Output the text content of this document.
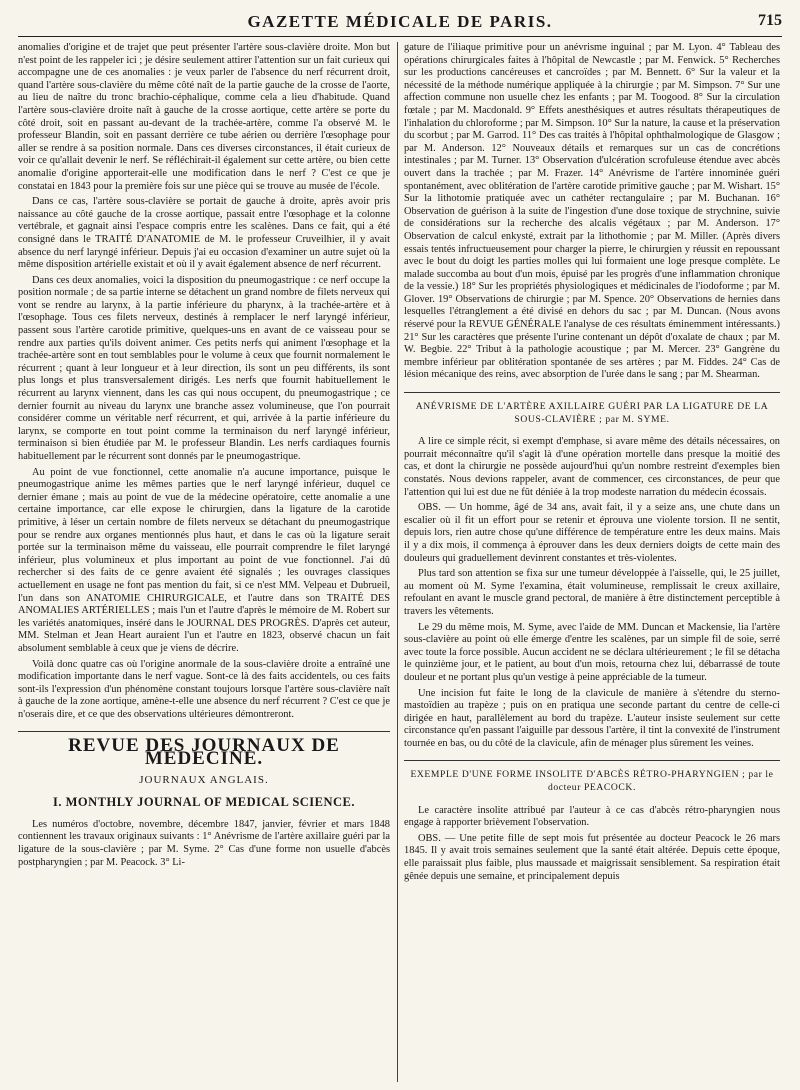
GAZETTE MÉDICALE DE PARIS.	715

anomalies d'origine et de trajet que peut présenter l'artère sous-clavière droite. Mon but n'est point de les rappeler ici ; je désire seulement attirer l'attention sur un fait curieux qui accompagne une de ces anomalies : je veux parler de l'absence du nerf récurrent droit, quand l'artère sous-clavière du même côté naît de la partie gauche de la crosse de l'aorte, au lieu de naître du tronc brachio-céphalique, comme cela a lieu d'habitude. Quand l'artère sous-clavière droite naît à gauche de la crosse aortique, cette artère se porte du côté droit, soit en passant au-devant de la trachée-artère, comme l'a observé M. le professeur Blandin, soit en passant derrière ce tube aérien ou derrière l'œsophage pour aller se rendre à sa position normale. Dans ces diverses circonstances, il était curieux de voir ce qu'allait devenir le nerf. Se réfléchirait-il également sur cette artère, ou bien cette anomalie d'origine apporterait-elle une modification dans le nerf ? C'est ce que je constatai en 1843 pour la première fois sur une pièce qui se trouve au musée de l'école.

Dans ce cas, l'artère sous-clavière se portait de gauche à droite, après avoir pris naissance au côté gauche de la crosse aortique, passait entre l'œsophage et la colonne vertébrale, et gagnait ainsi l'espace compris entre les scalènes. Dans ce fait, qui a été consigné dans le TRAITÉ D'ANATOMIE de M. le professeur Cruveilhier, il y avait absence du nerf laryngé inférieur. Depuis j'ai eu occasion d'examiner un autre sujet où la même disposition artérielle existait et où il y avait également absence de nerf récurrent.

Dans ces deux anomalies, voici la disposition du pneumogastrique : ce nerf occupe la position normale ; de sa partie interne se détachent un grand nombre de filets nerveux qui vont se rendre au larynx, à la partie inférieure du pharynx, à la trachée-artère et à l'œsophage. Tous ces filets nerveux, destinés à remplacer le nerf laryngé inférieur, passent sous l'artère carotide primitive, quelques-uns en avant de ce vaisseau pour se rendre aux parties qu'ils doivent animer. Ces petits nerfs qui animent l'œsophage et la trachée-artère sont en tout semblables pour le volume à ceux que fournit normalement le récurrent ; quant à leur longueur et à leur direction, ils sont un peu différents, ils sont plus longs et plus transversalement dirigés. Les nerfs que fournit habituellement le récurrent au larynx viennent, dans les cas qui nous occupent, du pneumogastrique ; ce dernier fournit au niveau du larynx une branche assez volumineuse, que l'on pourrait considérer comme un véritable nerf récurrent, et qui, arrivée à la partie inférieure du larynx, se comporte en tout point comme la terminaison du nerf laryngé inférieur, terminaison si bien étudiée par M. le professeur Blandin. Les nerfs cardiaques fournis habituellement par le récurrent sont donnés par le pneumogastrique.

Au point de vue fonctionnel, cette anomalie n'a aucune importance, puisque le pneumogastrique anime les mêmes parties que le nerf laryngé inférieur, duquel ce dernier émane ; mais au point de vue de la médecine opératoire, cette anomalie a une certaine importance, car elle expose le chirurgien, dans la ligature de la carotide primitive, à léser un certain nombre de filets nerveux se détachant du pneumogastrique pour se rendre aux organes mentionnés plus haut, et dans le cas où la ligature serait portée sur la terminaison même du vaisseau, elle pourrait comprendre le filet laryngé inférieur, plus volumineux et plus important au point de vue fonctionnel. J'ai dû rechercher si des faits de ce genre avaient été signalés ; les ouvrages classiques actuellement en usage ne font pas mention du fait, si ce n'est MM. Velpeau et Dubrueil, l'un dans son ANATOMIE CHIRURGICALE, et l'autre dans son TRAITÉ DES ANOMALIES ARTÉRIELLES ; mais l'un et l'autre d'après le mémoire de M. Robert sur les variétés anatomiques, inséré dans le JOURNAL DES PROGRÈS. D'après cet auteur, MM. Stelman et Jean Heart auraient l'un et l'autre en 1823, observé chacun un fait absolument semblable à ceux que je viens de décrire.

Voilà donc quatre cas où l'origine anormale de la sous-clavière droite a entraîné une modification importante dans le nerf vague. Sont-ce là des faits accidentels, ou ces faits sont-ils l'expression d'un phénomène constant toujours lorsque l'artère sous-clavière naît à gauche de la zone aortique, amène-t-elle une absence du nerf récurrent ? C'est ce que je n'oserais dire, et ce que des observations ultérieures démontreront.

REVUE DES JOURNAUX DE MÉDECINE.
JOURNAUX ANGLAIS.
I. MONTHLY JOURNAL OF MEDICAL SCIENCE.

Les numéros d'octobre, novembre, décembre 1847, janvier, février et mars 1848 contiennent les travaux originaux suivants : 1° Anévrisme de l'artère axillaire guéri par la ligature de la sous-clavière ; par M. Syme. 2° Cas d'une forme non usuelle d'abcès postpharyngien ; par M. Peacock. 3° Li-

gature de l'iliaque primitive pour un anévrisme inguinal ; par M. Lyon. 4° Tableau des opérations chirurgicales faites à l'hôpital de Newcastle ; par M. Fenwick. 5° Recherches sur les productions cancéreuses et cancroïdes ; par M. Bennett. 6° Sur la valeur et la nécessité de la méthode numérique appliquée à la chirurgie ; par M. Simpson. 7° Sur une affection commune non usuelle chez les enfants ; par M. Toogood. 8° Sur la circulation fœtale ; par M. Macdonald. 9° Effets anesthésiques et autres résultats thérapeutiques de l'inhalation du chloroforme ; par M. Simpson. 10° Sur la nature, la cause et la préservation du scorbut ; par M. Garrod. 11° Des cas traités à l'hôpital ophthalmologique de Glasgow ; par M. Anderson. 12° Nouveaux détails et remarques sur un cas de concrétions intestinales ; par M. Turner. 13° Observation d'ulcération scrofuleuse étendue avec abcès ouvert dans la trachée ; par M. Frazer. 14° Anévrisme de l'artère innominée guéri spontanément, avec oblitération de l'artère carotide primitive gauche ; par M. Wishart. 15° Sur la lithotomie pratiquée avec un cathéter rectangulaire ; par M. Buchanan. 16° Observation de guérison à la suite de l'ingestion d'une dose toxique de strychnine, suivie de considérations sur la recherche des alcalis végétaux ; par M. Anderson. 17° Observation de calcul enkysté, extrait par la lithothomie ; par M. Miller. (Après divers essais tentés infructueusement pour charger la pierre, le chirurgien y réussit en repoussant avec le bout du doigt les parties molles qui lui formaient une loge presque complète. Le malade succomba au bout d'un mois, épuisé par les progrès d'une inflammation chronique de la vessie.) 18° Sur les propriétés physiologiques et médicinales de l'iodoforme ; par M. Glover. 19° Observations de chirurgie ; par M. Spence. 20° Observations de hernies dans lesquelles l'étranglement a été divisé en dehors du sac ; par M. Duncan. (Nous avons réservé pour la REVUE GÉNÉRALE l'analyse de ces résultats éminemment intéressants.) 21° Sur les caractères que présente l'urine contenant un dépôt d'oxalate de chaux ; par M. W. Begbie. 22° Tribut à la pathologie acoustique ; par M. Mercer. 23° Gangrène du membre inférieur par oblitération spontanée de ses artères ; par M. Fiddes. 24° Cas de lésion mécanique des reins, avec absorption de l'urée dans le sang ; par M. Shearman.

ANÉVRISME DE L'ARTÈRE AXILLAIRE GUÉRI PAR LA LIGATURE DE LA SOUS-CLAVIÈRE ; par M. SYME.

A lire ce simple récit, si exempt d'emphase, si avare même des détails nécessaires, on pourrait méconnaître qu'il s'agit là d'une opération mortelle dans presque la moitié des cas, et dont la chirurgie ne possède aujourd'hui qu'un nombre restreint d'exemples bien constatés. Nous devions rappeler, avant de commencer, ces circonstances, de peur que l'attention qui lui est due ne fût déniée à la trop modeste narration du médecin écossais.

OBS. — Un homme, âgé de 34 ans, avait fait, il y a seize ans, une chute dans un escalier où il fit un effort pour se retenir et éprouva une violente torsion. Il ne sentit, depuis lors, rien autre chose qu'une différence de température entre les deux mains. Mais il y a dix mois, il commença à éprouver dans les deux derniers doigts de cette main des douleurs qui graduellement devinrent constantes et très-violentes.

Plus tard son attention se fixa sur une tumeur développée à l'aisselle, qui, le 25 juillet, au moment où M. Syme l'examina, était volumineuse, remplissait le creux axillaire, refoulant en avant le muscle grand pectoral, de manière à être distinctement perceptible à travers les vêtements.

Le 29 du même mois, M. Syme, avec l'aide de MM. Duncan et Mackensie, lia l'artère sous-clavière au point où elle émerge d'entre les scalènes, par un simple fil de soie, serré avec toute la force possible. Aucun accident ne se déclara ultérieurement ; le fil se détacha le quinzième jour, et le patient, au bout d'un mois, retourna chez lui, débarrassé de toute douleur et ne portant plus qu'un vestige à peine appréciable de la tumeur.

Une incision fut faite le long de la clavicule de manière à s'étendre du sterno-mastoïdien au trapèze ; puis on en pratiqua une seconde partant du centre de celle-ci dirigée en haut, parallèlement au bord du trapèze. L'auteur insiste seulement sur cette circonstance qu'en passant l'aiguille par dessous l'artère, il tint la convexité de l'instrument tournée en bas, ou du côté de la clavicule, afin de ménager plus sûrement les veines.

EXEMPLE D'UNE FORME INSOLITE D'ABCÈS RÉTRO-PHARYNGIEN ; par le docteur PEACOCK.

Le caractère insolite attribué par l'auteur à ce cas d'abcès rétro-pharyngien nous engage à rapporter brièvement l'observation.

OBS. — Une petite fille de sept mois fut présentée au docteur Peacock le 26 mars 1845. Il y avait trois semaines seulement que la santé était altérée. Depuis cette époque, elle paraissait plus faible, plus maussade et maigrissait sensiblement. Sa respiration était gênée depuis une semaine, et principalement depuis
